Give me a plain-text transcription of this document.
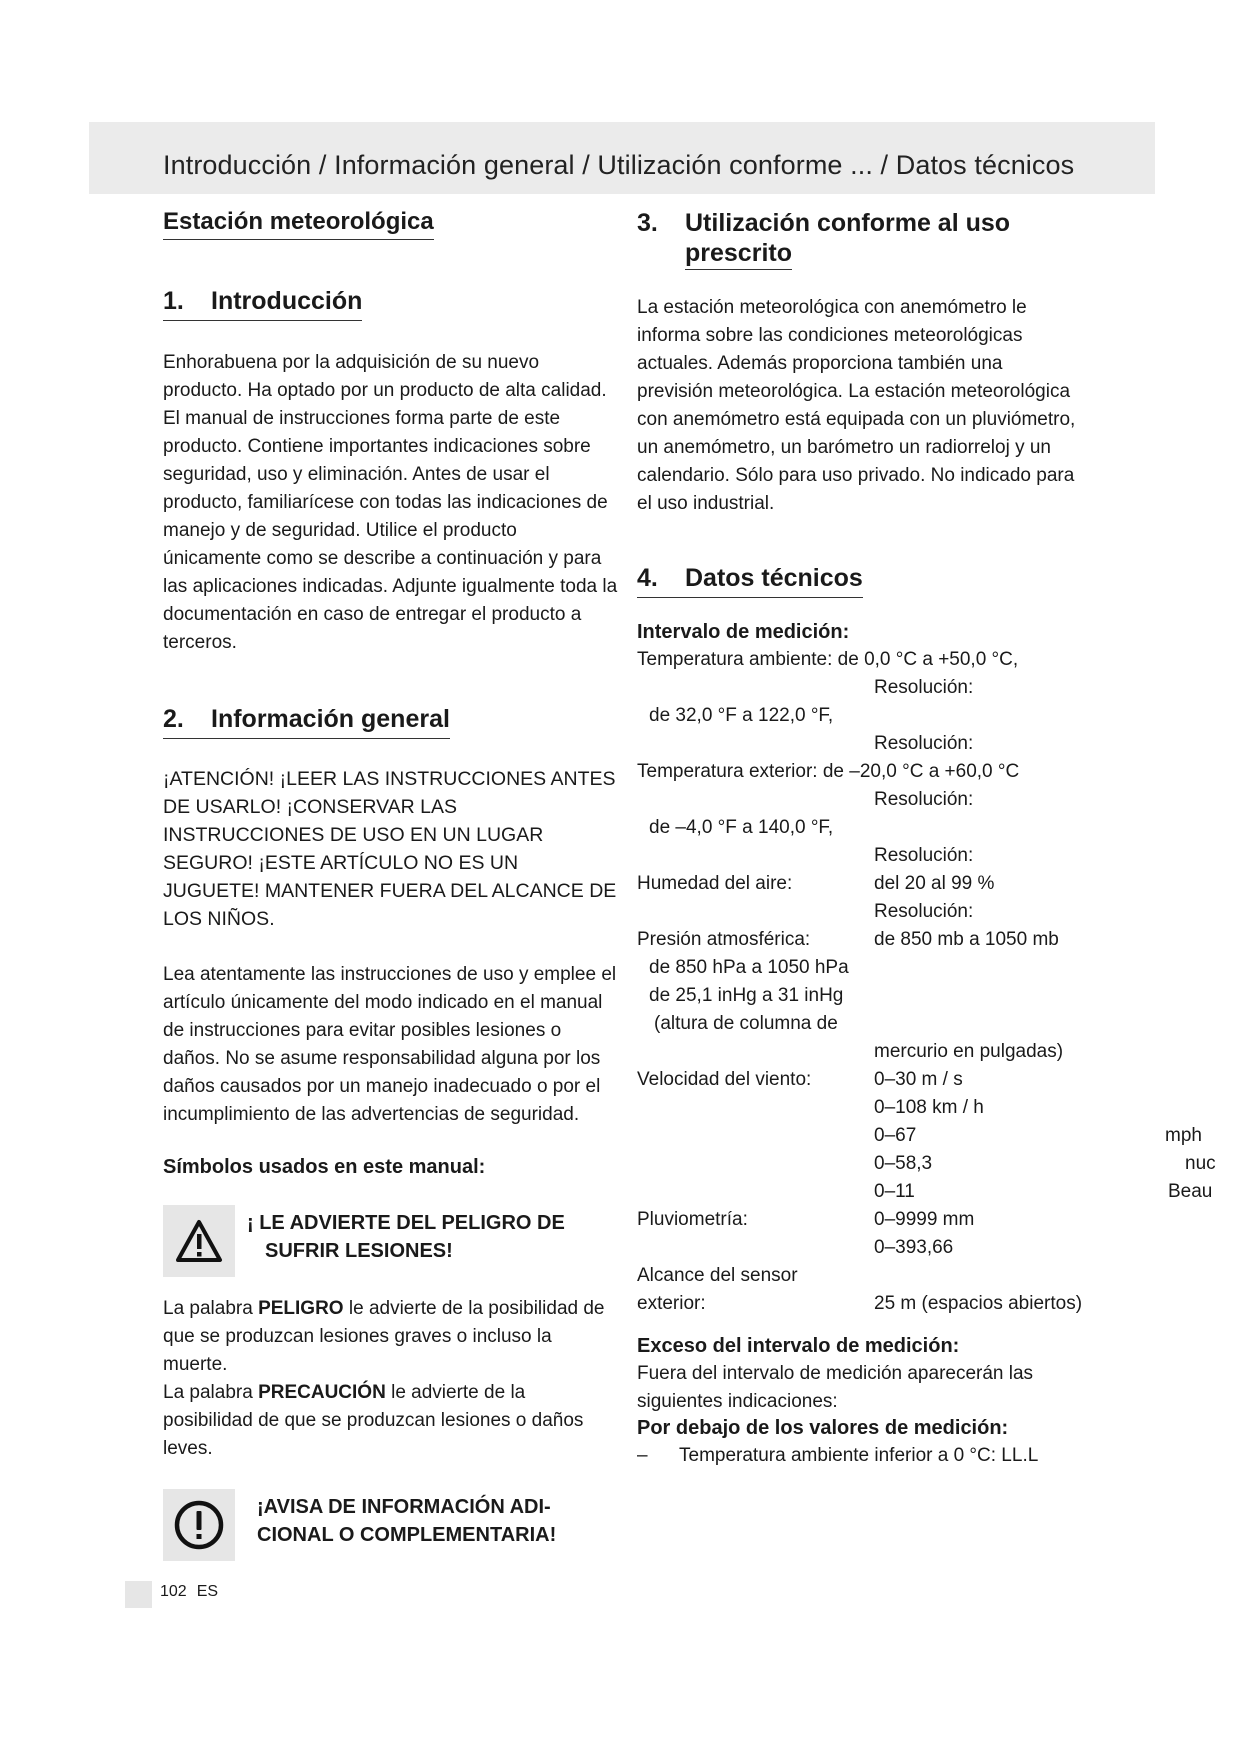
Introducción / Información general / Utilización conforme ... / Datos técnicos
Estación meteorológica
1. Introducción

Enhorabuena por la adquisición de su nuevo producto. Ha optado por un producto de alta calidad. El manual de instrucciones forma parte de este producto. Contiene importantes indicaciones sobre seguridad, uso y eliminación. Antes de usar el producto, familiarícese con todas las indicaciones de manejo y de seguridad. Utilice el producto únicamente como se describe a continuación y para las aplicaciones indicadas. Adjunte igualmente toda la documentación en caso de entregar el producto a terceros.

2. Información general

¡ATENCIÓN! ¡LEER LAS INSTRUCCIONES ANTES DE USARLO! ¡CONSERVAR LAS INSTRUCCIONES DE USO EN UN LUGAR SEGURO! ¡ESTE ARTÍCULO NO ES UN JUGUETE! MANTENER FUERA DEL ALCANCE DE LOS NIÑOS.

Lea atentamente las instrucciones de uso y emplee el artículo únicamente del modo indicado en el manual de instrucciones para evitar posibles lesiones o daños. No se asume responsabilidad alguna por los daños causados por un manejo inadecuado o por el incumplimiento de las advertencias de seguridad.

Símbolos usados en este manual:

¡ LE ADVIERTE DEL PELIGRO DE
SUFRIR LESIONES!

La palabra PELIGRO le advierte de la posibilidad de que se produzcan lesiones graves o incluso la muerte.

La palabra PRECAUCIÓN le advierte de la posibilidad de que se produzcan lesiones o daños leves.

¡AVISA DE INFORMACIÓN ADI-
CIONAL O COMPLEMENTARIA!
3. Utilización conforme al uso
prescrito

La estación meteorológica con anemómetro le informa sobre las condiciones meteorológicas actuales. Además proporciona también una previsión meteorológica. La estación meteorológica con anemómetro está equipada con un pluviómetro, un anemómetro, un barómetro un radiorreloj y un calendario. Sólo para uso privado. No indicado para el uso industrial.

4. Datos técnicos

Intervalo de medición:

Temperatura ambiente: de 0,0 °C a +50,0 °C,
Resolución:
de 32,0 °F a 122,0 °F,
Resolución:
Temperatura exterior: de –20,0 °C a +60,0 °C
Resolución:
de –4,0 °F a 140,0 °F,
Resolución:
Humedad del aire:	del 20 al 99 %
Resolución:
Presión atmosférica:	de 850 mb a 1050 mb
de 850 hPa a 1050 hPa
de 25,1 inHg a 31 inHg
(altura de columna de
mercurio en pulgadas)
Velocidad del viento:	0–30 m / s
0–108 km / h
0–67	mph
0–58,3	nuc
0–11	Beau
Pluviometría:	0–9999 mm
0–393,66
Alcance del sensor
exterior:	25 m (espacios abiertos)
Exceso del intervalo de medición:
Fuera del intervalo de medición aparecerán las siguientes indicaciones:

Por debajo de los valores de medición:

– Temperatura ambiente inferior a 0 °C: LL.L

102 ES
